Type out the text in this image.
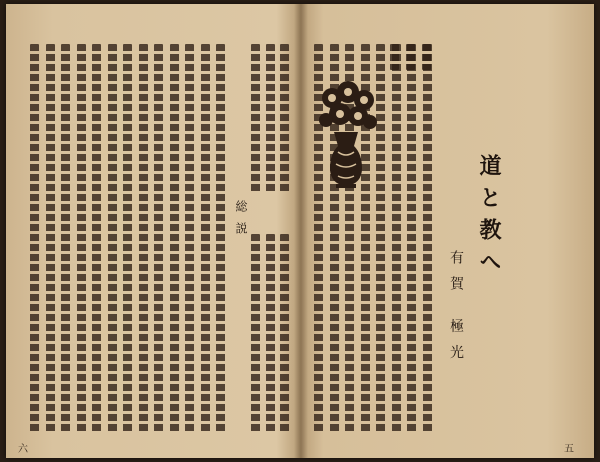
総説
六
道と教へ
有賀 極光
五
